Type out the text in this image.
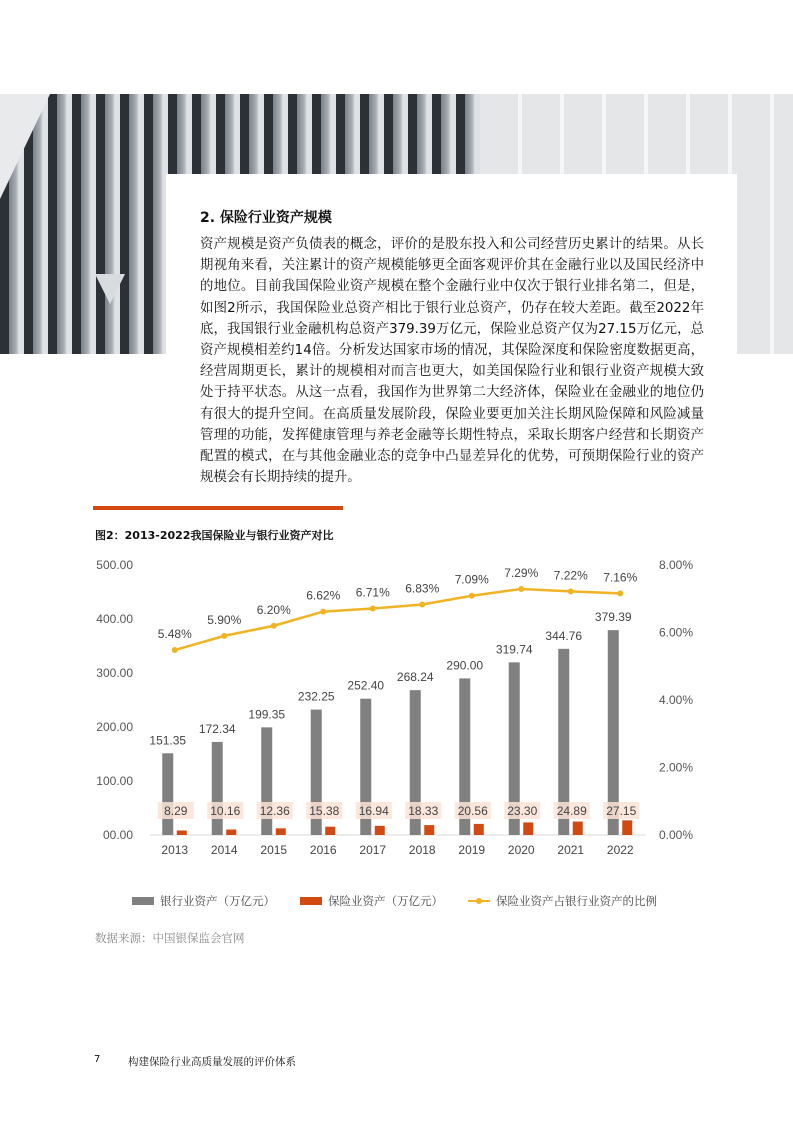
2. 保险行业资产规模
资产规模是资产负债表的概念，评价的是股东投入和公司经营历史累计的结果。从长期视角来看，关注累计的资产规模能够更全面客观评价其在金融行业以及国民经济中的地位。目前我国保险业资产规模在整个金融行业中仅次于银行业排名第二，但是，如图2所示，我国保险业总资产相比于银行业总资产，仍存在较大差距。截至2022年底，我国银行业金融机构总资产379.39万亿元，保险业总资产仅为27.15万亿元，总资产规模相差约14倍。分析发达国家市场的情况，其保险深度和保险密度数据更高，经营周期更长，累计的规模相对而言也更大，如美国保险行业和银行业资产规模大致处于持平状态。从这一点看，我国作为世界第二大经济体，保险业在金融业的地位仍有很大的提升空间。在高质量发展阶段，保险业要更加关注长期风险保障和风险减量管理的功能，发挥健康管理与养老金融等长期性特点，采取长期客户经营和长期资产配置的模式，在与其他金融业态的竞争中凸显差异化的优势，可预期保险行业的资产规模会有长期持续的提升。
图2：2013-2022我国保险业与银行业资产对比
00.00
100.00
200.00
300.00
400.00
500.00
0.00%
2.00%
4.00%
6.00%
8.00%
2013
151.35
8.29
2014
172.34
10.16
2015
199.35
12.36
2016
232.25
15.38
2017
252.40
16.94
2018
268.24
18.33
2019
290.00
20.56
2020
319.74
23.30
2021
344.76
24.89
2022
379.39
27.15
5.48%
5.90%
6.20%
6.62% 6.71% 6.83%
7.09% 7.29% 7.22% 7.16%
银行业资产（万亿元）	保险业资产（万亿元）	保险业资产占银行业资产的比例
数据来源：中国银保监会官网
7	构建保险行业高质量发展的评价体系
